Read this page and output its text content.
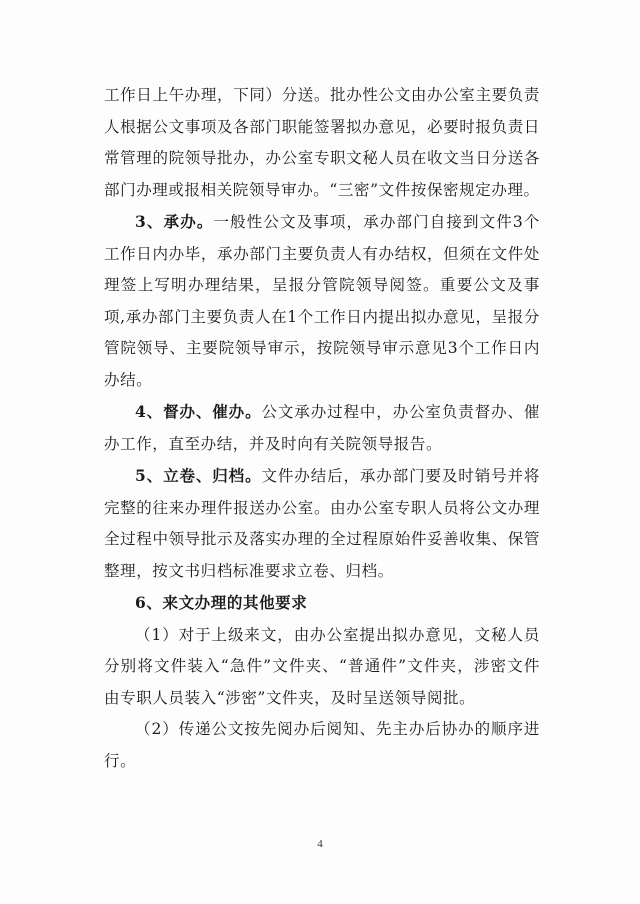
工作日上午办理，下同）分送。批办性公文由办公室主要负责人根据公文事项及各部门职能签署拟办意见，必要时报负责日常管理的院领导批办，办公室专职文秘人员在收文当日分送各部门办理或报相关院领导审办。“三密”文件按保密规定办理。

3、承办。一般性公文及事项，承办部门自接到文件3个工作日内办毕，承办部门主要负责人有办结权，但须在文件处理签上写明办理结果，呈报分管院领导阅签。重要公文及事项,承办部门主要负责人在1个工作日内提出拟办意见，呈报分管院领导、主要院领导审示，按院领导审示意见3个工作日内办结。

4、督办、催办。公文承办过程中，办公室负责督办、催办工作，直至办结，并及时向有关院领导报告。

5、立卷、归档。文件办结后，承办部门要及时销号并将完整的往来办理件报送办公室。由办公室专职人员将公文办理全过程中领导批示及落实办理的全过程原始件妥善收集、保管整理，按文书归档标准要求立卷、归档。

6、来文办理的其他要求

（1）对于上级来文，由办公室提出拟办意见，文秘人员分别将文件装入“急件”文件夹、“普通件”文件夹，涉密文件由专职人员装入“涉密”文件夹，及时呈送领导阅批。

（2）传递公文按先阅办后阅知、先主办后协办的顺序进行。

4
